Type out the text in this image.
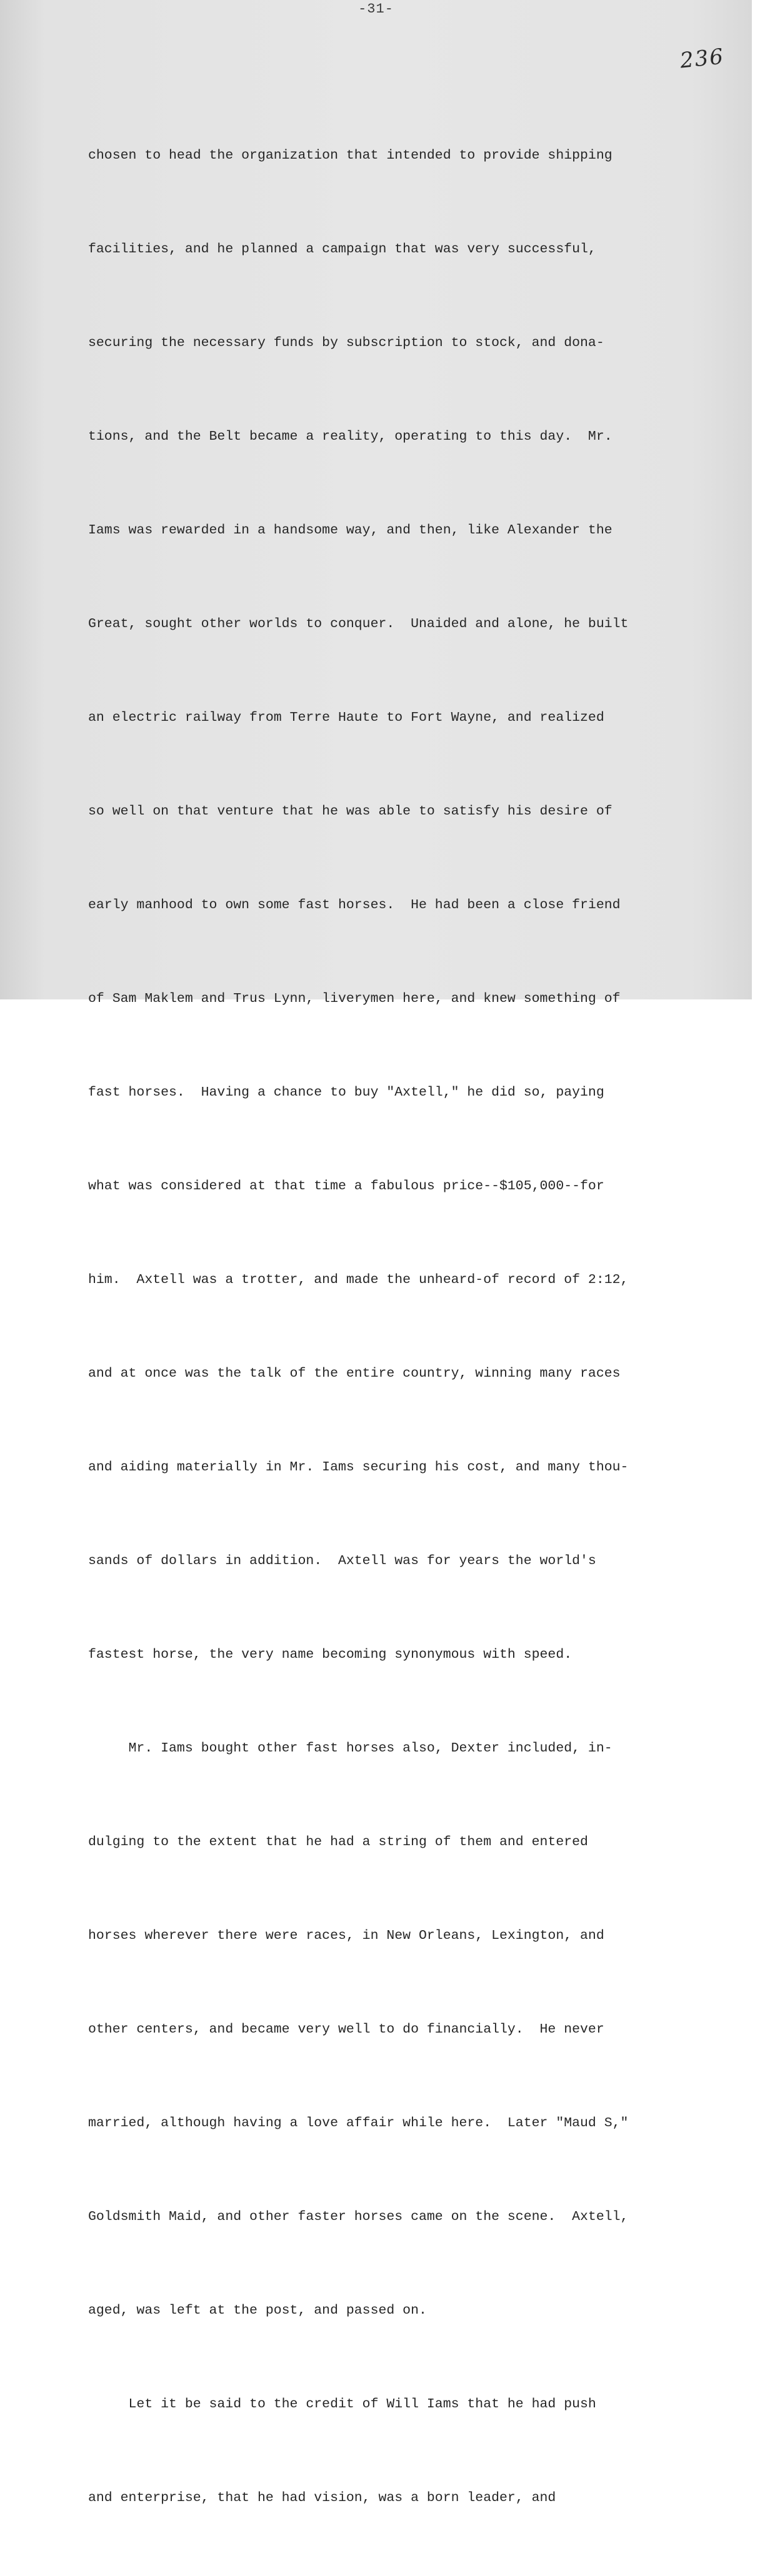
-31-
236

chosen to head the organization that intended to provide shipping

facilities, and he planned a campaign that was very successful,

securing the necessary funds by subscription to stock, and dona-

tions, and the Belt became a reality, operating to this day.  Mr.

Iams was rewarded in a handsome way, and then, like Alexander the

Great, sought other worlds to conquer.  Unaided and alone, he built

an electric railway from Terre Haute to Fort Wayne, and realized

so well on that venture that he was able to satisfy his desire of

early manhood to own some fast horses.  He had been a close friend

of Sam Maklem and Trus Lynn, liverymen here, and knew something of

fast horses.  Having a chance to buy "Axtell," he did so, paying

what was considered at that time a fabulous price--$105,000--for

him.  Axtell was a trotter, and made the unheard-of record of 2:12,

and at once was the talk of the entire country, winning many races

and aiding materially in Mr. Iams securing his cost, and many thou-

sands of dollars in addition.  Axtell was for years the world's

fastest horse, the very name becoming synonymous with speed.

Mr. Iams bought other fast horses also, Dexter included, in-

dulging to the extent that he had a string of them and entered

horses wherever there were races, in New Orleans, Lexington, and

other centers, and became very well to do financially.  He never

married, although having a love affair while here.  Later "Maud S,"

Goldsmith Maid, and other faster horses came on the scene.  Axtell,

aged, was left at the post, and passed on.

Let it be said to the credit of Will Iams that he had push

and enterprise, that he had vision, was a born leader, and
